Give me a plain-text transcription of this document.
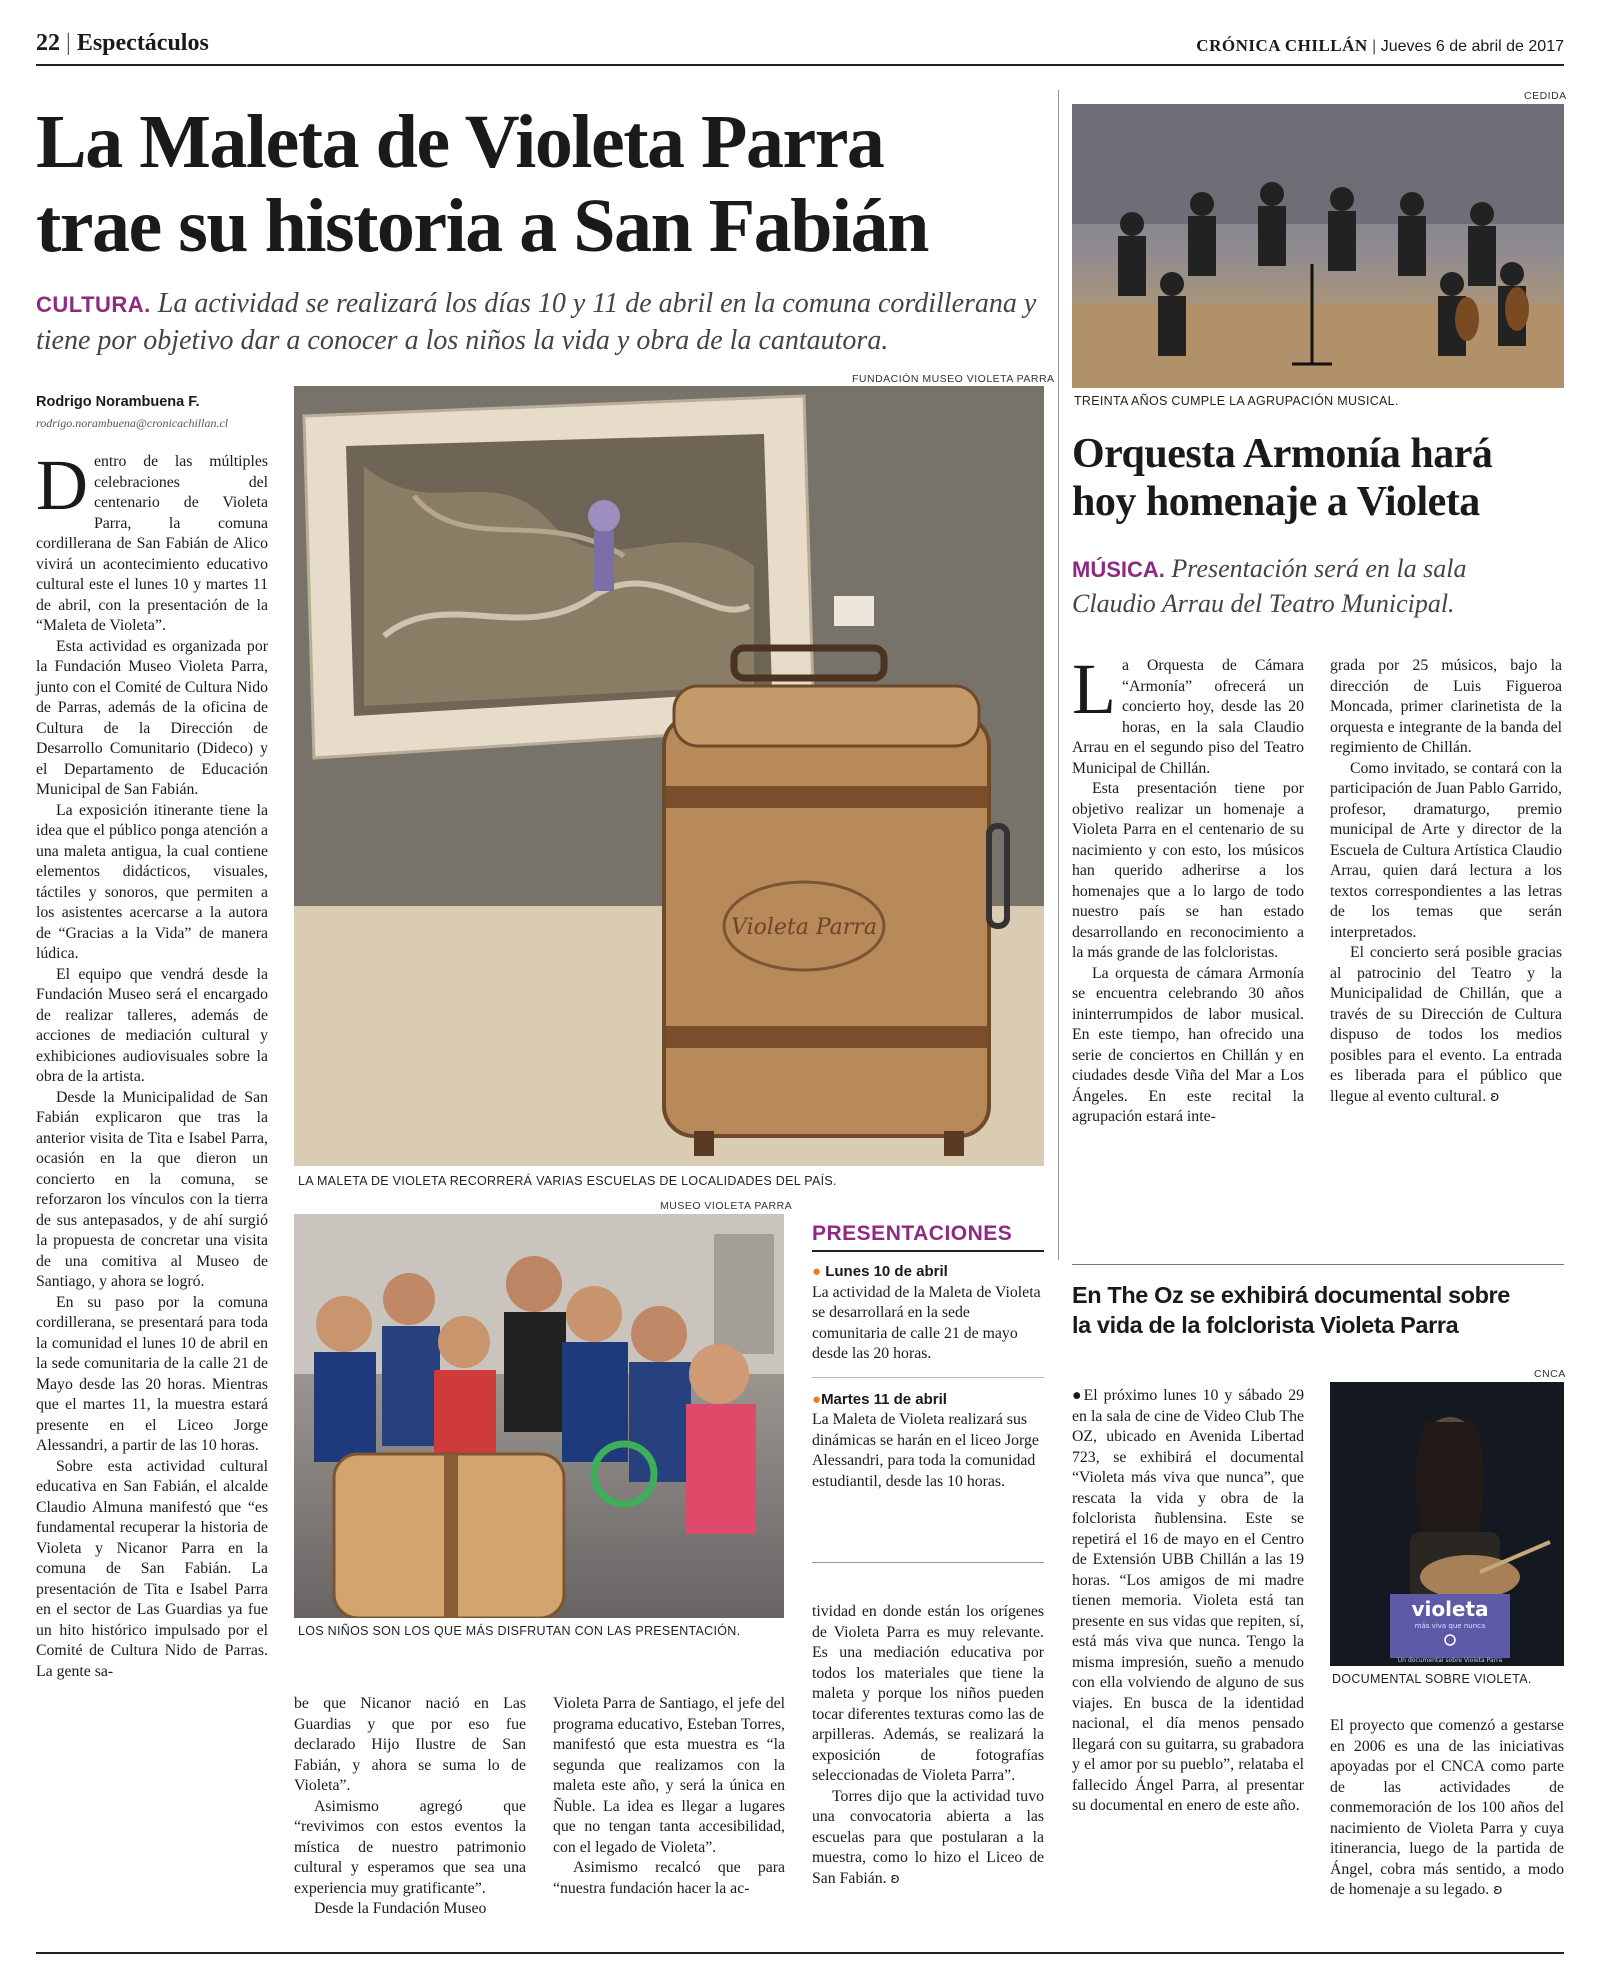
22 | Espectáculos	CRÓNICA CHILLÁN | Jueves 6 de abril de 2017
La Maleta de Violeta Parra
trae su historia a San Fabián
CULTURA. La actividad se realizará los días 10 y 11 de abril en la comuna cordillerana y tiene por objetivo dar a conocer a los niños la vida y obra de la cantautora.
Rodrigo Norambuena F.
rodrigo.norambuena@cronicachillan.cl

Dentro de las múltiples celebraciones del centenario de Violeta Parra, la comuna cordillerana de San Fabián de Alico vivirá un acontecimiento educativo cultural este el lunes 10 y martes 11 de abril, con la presentación de la “Maleta de Violeta”.

Esta actividad es organizada por la Fundación Museo Violeta Parra, junto con el Comité de Cultura Nido de Parras, además de la oficina de Cultura de la Dirección de Desarrollo Comunitario (Dideco) y el Departamento de Educación Municipal de San Fabián.

La exposición itinerante tiene la idea que el público ponga atención a una maleta antigua, la cual contiene elementos didácticos, visuales, táctiles y sonoros, que permiten a los asistentes acercarse a la autora de “Gracias a la Vida” de manera lúdica.

El equipo que vendrá desde la Fundación Museo será el encargado de realizar talleres, además de acciones de mediación cultural y exhibiciones audiovisuales sobre la obra de la artista.

Desde la Municipalidad de San Fabián explicaron que tras la anterior visita de Tita e Isabel Parra, ocasión en la que dieron un concierto en la comuna, se reforzaron los vínculos con la tierra de sus antepasados, y de ahí surgió la propuesta de concretar una visita de una comitiva al Museo de Santiago, y ahora se logró.

En su paso por la comuna cordillerana, se presentará para toda la comunidad el lunes 10 de abril en la sede comunitaria de la calle 21 de Mayo desde las 20 horas. Mientras que el martes 11, la muestra estará presente en el Liceo Jorge Alessandri, a partir de las 10 horas.

Sobre esta actividad cultural educativa en San Fabián, el alcalde Claudio Almuna manifestó que “es fundamental recuperar la historia de Violeta y Nicanor Parra en la comuna de San Fabián. La presentación de Tita e Isabel Parra en el sector de Las Guardias ya fue un hito histórico impulsado por el Comité de Cultura Nido de Parras. La gente sa-

FUNDACIÓN MUSEO VIOLETA PARRA
Violeta Parra
LA MALETA DE VIOLETA RECORRERÁ VARIAS ESCUELAS DE LOCALIDADES DEL PAÍS.
MUSEO VIOLETA PARRA
LOS NIÑOS SON LOS QUE MÁS DISFRUTAN CON LAS PRESENTACIÓN.
PRESENTACIONES
● Lunes 10 de abril
La actividad de la Maleta de Violeta se desarrollará en la sede comunitaria de calle 21 de mayo desde las 20 horas.
●Martes 11 de abril
La Maleta de Violeta realizará sus dinámicas se harán en el liceo Jorge Alessandri, para toda la comunidad estudiantil, desde las 10 horas.

be que Nicanor nació en Las Guardias y que por eso fue declarado Hijo Ilustre de San Fabián, y ahora se suma lo de Violeta”.

Asimismo agregó que “revivimos con estos eventos la mística de nuestro patrimonio cultural y esperamos que sea una experiencia muy gratificante”.

Desde la Fundación Museo

Violeta Parra de Santiago, el jefe del programa educativo, Esteban Torres, manifestó que esta muestra es “la segunda que realizamos con la maleta este año, y será la única en Ñuble. La idea es llegar a lugares que no tengan tanta accesibilidad, con el legado de Violeta”.

Asimismo recalcó que para “nuestra fundación hacer la ac-

tividad en donde están los orígenes de Violeta Parra es muy relevante. Es una mediación educativa por todos los materiales que tiene la maleta y porque los niños pueden tocar diferentes texturas como las de arpilleras. Además, se realizará la exposición de fotografías seleccionadas de Violeta Parra”.

Torres dijo que la actividad tuvo una convocatoria abierta a las escuelas para que postularan a la muestra, como lo hizo el Liceo de San Fabián. ʚ

CEDIDA
TREINTA AÑOS CUMPLE LA AGRUPACIÓN MUSICAL.
Orquesta Armonía hará
hoy homenaje a Violeta
MÚSICA. Presentación será en la sala Claudio Arrau del Teatro Municipal.

La Orquesta de Cámara “Armonía” ofrecerá un concierto hoy, desde las 20 horas, en la sala Claudio Arrau en el segundo piso del Teatro Municipal de Chillán.

Esta presentación tiene por objetivo realizar un homenaje a Violeta Parra en el centenario de su nacimiento y con esto, los músicos han querido adherirse a los homenajes que a lo largo de todo nuestro país se han estado desarrollando en reconocimiento a la más grande de las folcloristas.

La orquesta de cámara Armonía se encuentra celebrando 30 años ininterrumpidos de labor musical. En este tiempo, han ofrecido una serie de conciertos en Chillán y en ciudades desde Viña del Mar a Los Ángeles. En este recital la agrupación estará inte-

grada por 25 músicos, bajo la dirección de Luis Figueroa Moncada, primer clarinetista de la orquesta e integrante de la banda del regimiento de Chillán.

Como invitado, se contará con la participación de Juan Pablo Garrido, profesor, dramaturgo, premio municipal de Arte y director de la Escuela de Cultura Artística Claudio Arrau, quien dará lectura a los textos correspondientes a las letras de los temas que serán interpretados.

El concierto será posible gracias al patrocinio del Teatro y la Municipalidad de Chillán, que a través de su Dirección de Cultura dispuso de todos los medios posibles para el evento. La entrada es liberada para el público que llegue al evento cultural. ʚ

En The Oz se exhibirá documental sobre
la vida de la folclorista Violeta Parra

●El próximo lunes 10 y sábado 29 en la sala de cine de Video Club The OZ, ubicado en Avenida Libertad 723, se exhibirá el documental “Violeta más viva que nunca”, que rescata la vida y obra de la folclorista ñublensina. Este se repetirá el 16 de mayo en el Centro de Extensión UBB Chillán a las 19 horas. “Los amigos de mi madre tienen memoria. Violeta está tan presente en sus vidas que repiten, sí, está más viva que nunca. Tengo la misma impresión, sueño a menudo con ella volviendo de alguno de sus viajes. En busca de la identidad nacional, el día menos pensado llegará con su guitarra, su grabadora y el amor por su pueblo”, relataba el fallecido Ángel Parra, al presentar su documental en enero de este año.

CNCA
violeta
más viva que nunca
Un documental sobre Violeta Parra
DOCUMENTAL SOBRE VIOLETA.

El proyecto que comenzó a gestarse en 2006 es una de las iniciativas apoyadas por el CNCA como parte de las actividades de conmemoración de los 100 años del nacimiento de Violeta Parra y cuya itinerancia, luego de la partida de Ángel, cobra más sentido, a modo de homenaje a su legado. ʚ
